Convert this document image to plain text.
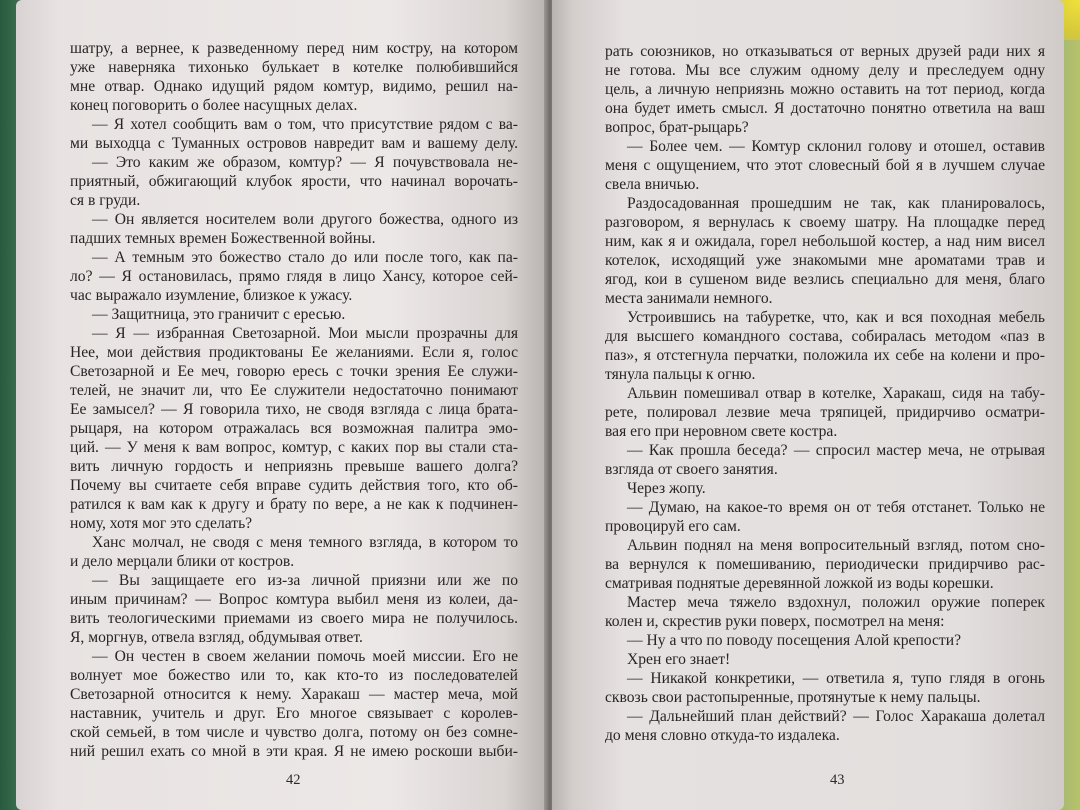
шатру, а вернее, к разведенному перед ним костру, на котором
уже наверняка тихонько булькает в котелке полюбившийся
мне отвар. Однако идущий рядом комтур, видимо, решил на-
конец поговорить о более насущных делах.
— Я хотел сообщить вам о том, что присутствие рядом с ва-
ми выходца с Туманных островов навредит вам и вашему делу.
— Это каким же образом, комтур? — Я почувствовала не-
приятный, обжигающий клубок ярости, что начинал ворочать-
ся в груди.
— Он является носителем воли другого божества, одного из
падших темных времен Божественной войны.
— А темным это божество стало до или после того, как па-
ло? — Я остановилась, прямо глядя в лицо Хансу, которое сей-
час выражало изумление, близкое к ужасу.
— Защитница, это граничит с ересью.
— Я — избранная Светозарной. Мои мысли прозрачны для
Нее, мои действия продиктованы Ее желаниями. Если я, голос
Светозарной и Ее меч, говорю ересь с точки зрения Ее служи-
телей, не значит ли, что Ее служители недостаточно понимают
Ее замысел? — Я говорила тихо, не сводя взгляда с лица брата-
рыцаря, на котором отражалась вся возможная палитра эмо-
ций. — У меня к вам вопрос, комтур, с каких пор вы стали ста-
вить личную гордость и неприязнь превыше вашего долга?
Почему вы считаете себя вправе судить действия того, кто об-
ратился к вам как к другу и брату по вере, а не как к подчинен-
ному, хотя мог это сделать?
Ханс молчал, не сводя с меня темного взгляда, в котором то
и дело мерцали блики от костров.
— Вы защищаете его из-за личной приязни или же по
иным причинам? — Вопрос комтура выбил меня из колеи, да-
вить теологическими приемами из своего мира не получилось.
Я, моргнув, отвела взгляд, обдумывая ответ.
— Он честен в своем желании помочь моей миссии. Его не
волнует мое божество или то, как кто-то из последователей
Светозарной относится к нему. Харакаш — мастер меча, мой
наставник, учитель и друг. Его многое связывает с королев-
ской семьей, в том числе и чувство долга, потому он без сомне-
ний решил ехать со мной в эти края. Я не имею роскоши выби-
42
рать союзников, но отказываться от верных друзей ради них я
не готова. Мы все служим одному делу и преследуем одну
цель, а личную неприязнь можно оставить на тот период, когда
она будет иметь смысл. Я достаточно понятно ответила на ваш
вопрос, брат-рыцарь?
— Более чем. — Комтур склонил голову и отошел, оставив
меня с ощущением, что этот словесный бой я в лучшем случае
свела вничью.
Раздосадованная прошедшим не так, как планировалось,
разговором, я вернулась к своему шатру. На площадке перед
ним, как я и ожидала, горел небольшой костер, а над ним висел
котелок, исходящий уже знакомыми мне ароматами трав и
ягод, кои в сушеном виде везлись специально для меня, благо
места занимали немного.
Устроившись на табуретке, что, как и вся походная мебель
для высшего командного состава, собиралась методом «паз в
паз», я отстегнула перчатки, положила их себе на колени и про-
тянула пальцы к огню.
Альвин помешивал отвар в котелке, Харакаш, сидя на табу-
рете, полировал лезвие меча тряпицей, придирчиво осматри-
вая его при неровном свете костра.
— Как прошла беседа? — спросил мастер меча, не отрывая
взгляда от своего занятия.
Через жопу.
— Думаю, на какое-то время он от тебя отстанет. Только не
провоцируй его сам.
Альвин поднял на меня вопросительный взгляд, потом сно-
ва вернулся к помешиванию, периодически придирчиво рас-
сматривая поднятые деревянной ложкой из воды корешки.
Мастер меча тяжело вздохнул, положил оружие поперек
колен и, скрестив руки поверх, посмотрел на меня:
— Ну а что по поводу посещения Алой крепости?
Хрен его знает!
— Никакой конкретики, — ответила я, тупо глядя в огонь
сквозь свои растопыренные, протянутые к нему пальцы.
— Дальнейший план действий? — Голос Харакаша долетал
до меня словно откуда-то издалека.
43
